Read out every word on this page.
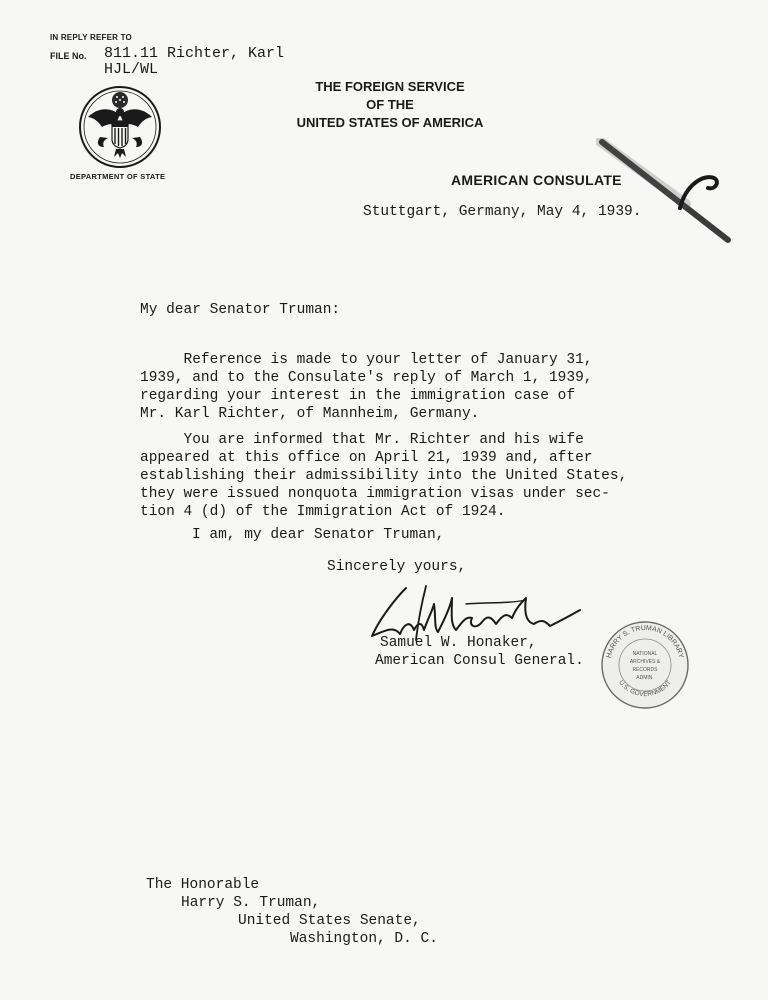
IN REPLY REFER TO
FILE No. 811.11 Richter, Karl
HJL/WL
DEPARTMENT OF STATE
THE FOREIGN SERVICE
OF THE
UNITED STATES OF AMERICA
AMERICAN CONSULATE
Stuttgart, Germany, May 4, 1939.
My dear Senator Truman:
Reference is made to your letter of January 31,
1939, and to the Consulate's reply of March 1, 1939,
regarding your interest in the immigration case of
Mr. Karl Richter, of Mannheim, Germany.
You are informed that Mr. Richter and his wife
appeared at this office on April 21, 1939 and, after
establishing their admissibility into the United States,
they were issued nonquota immigration visas under sec-
tion 4 (d) of the Immigration Act of 1924.
I am, my dear Senator Truman,
Sincerely yours,
Samuel W. Honaker,
American Consul General.	HARRY S. TRUMAN LIBRARY
U.S. GOVERNMENT
NATIONAL
ARCHIVES &
RECORDS
ADMIN.
The Honorable
Harry S. Truman,
United States Senate,
Washington, D. C.
